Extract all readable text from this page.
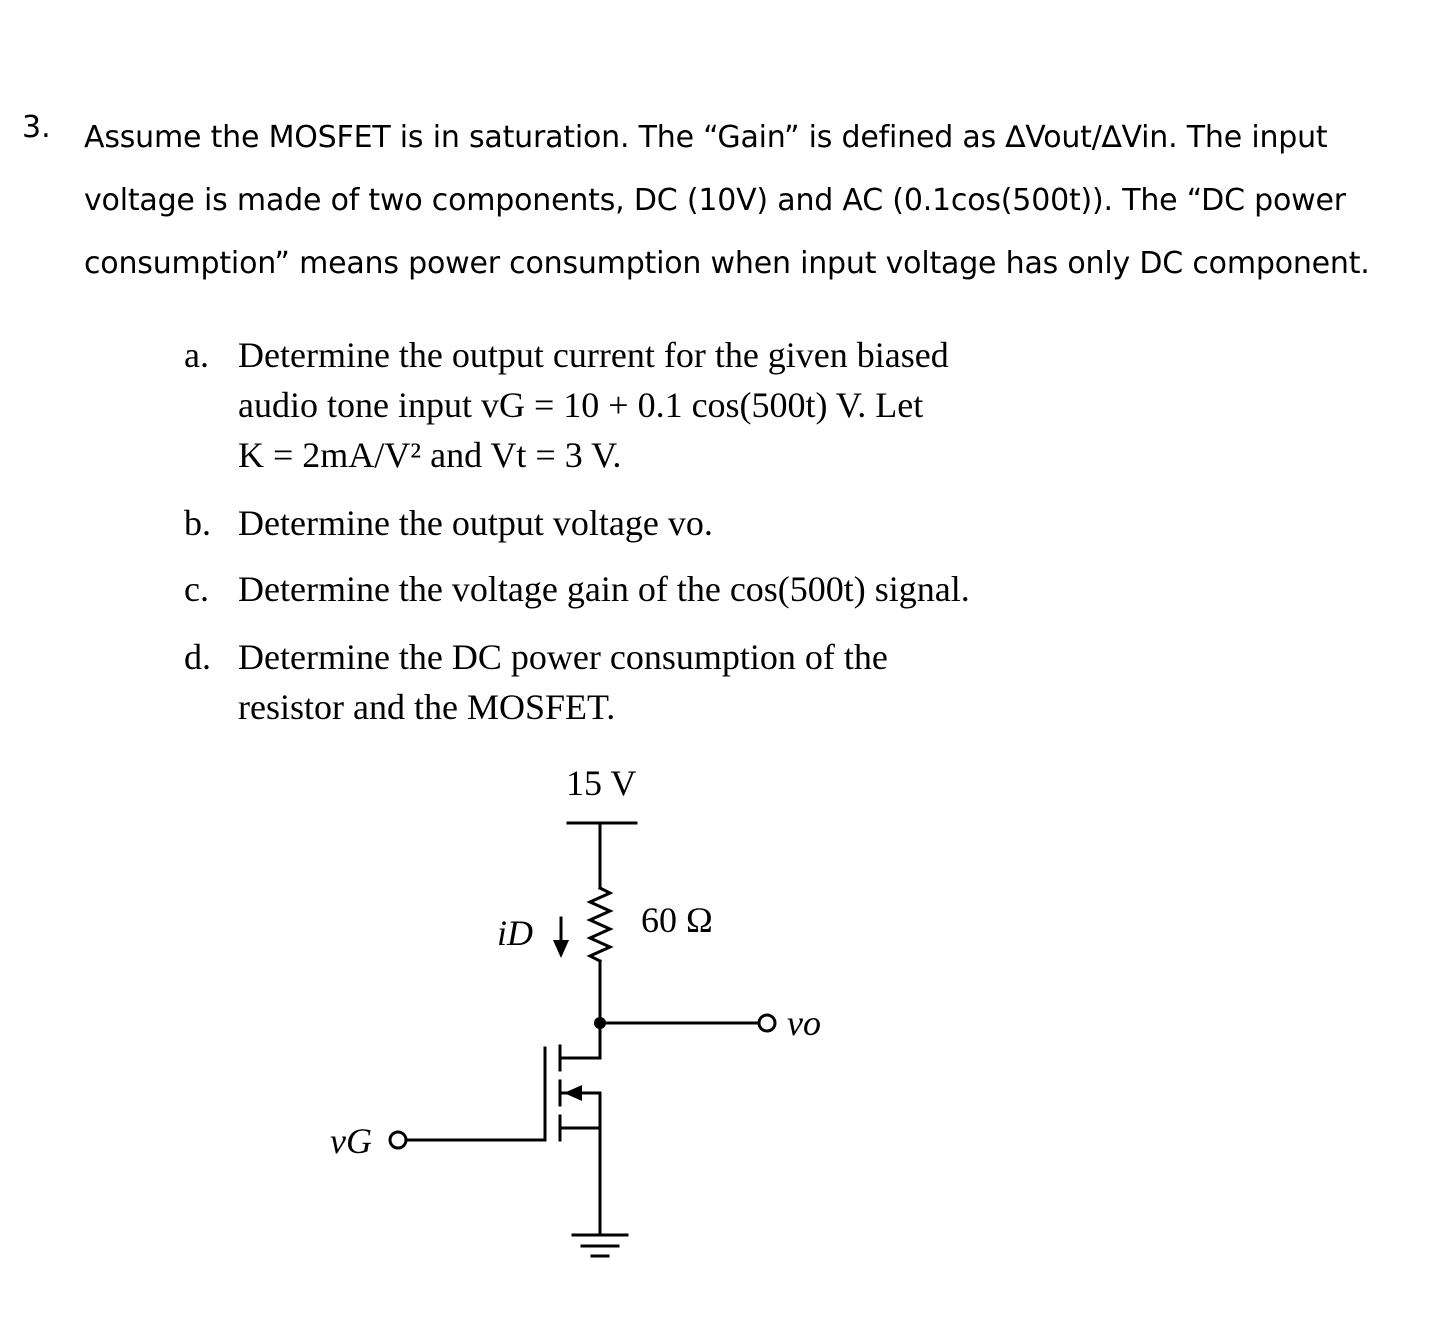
3. Assume the MOSFET is in saturation. The “Gain” is defined as ∆Vout/∆Vin. The input
voltage is made of two components, DC (10V) and AC (0.1cos(500t)). The “DC power
consumption” means power consumption when input voltage has only DC component.
a. Determine the output current for the given biased
audio tone input vG = 10 + 0.1 cos(500t) V. Let
K = 2mA/V² and Vt = 3 V.
b. Determine the output voltage vo.
c. Determine the voltage gain of the cos(500t) signal.
d. Determine the DC power consumption of the
resistor and the MOSFET.
15 V
60 Ω
iD
vo
vG
